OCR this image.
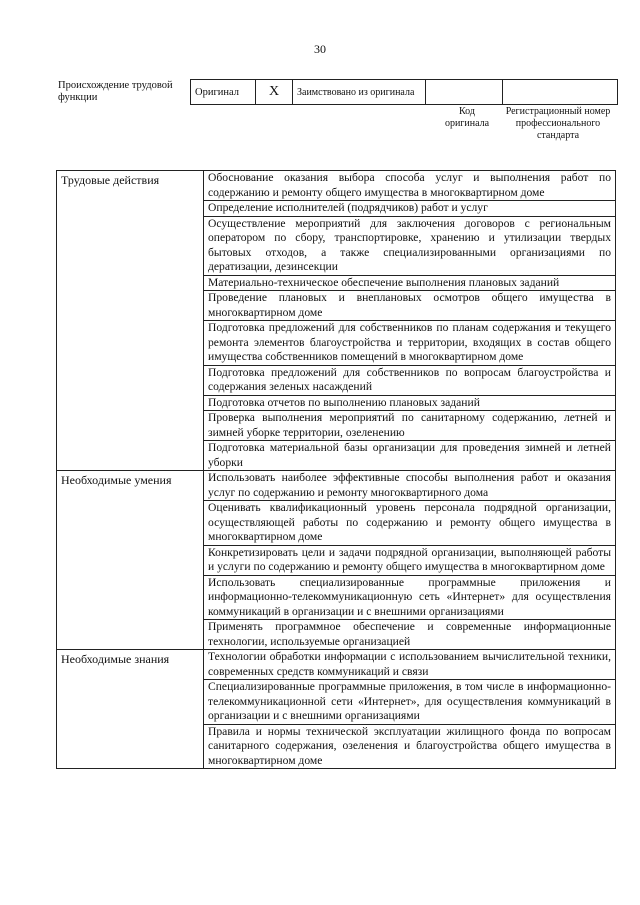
30
Происхождение трудовой функции	Оригинал	X	Заимствовано из оригинала		
Код оригинала
Регистрационный номер профессионального стандарта
Трудовые действия	Обоснование оказания выбора способа услуг и выполнения работ по содержанию и ремонту общего имущества в многоквартирном доме
	Определение исполнителей (подрядчиков) работ и услуг
	Осуществление мероприятий для заключения договоров с региональным оператором по сбору, транспортировке, хранению и утилизации твердых бытовых отходов, а также специализированными организациями по дератизации, дезинсекции
	Материально-техническое обеспечение выполнения плановых заданий
	Проведение плановых и внеплановых осмотров общего имущества в многоквартирном доме
	Подготовка предложений для собственников по планам содержания и текущего ремонта элементов благоустройства и территории, входящих в состав общего имущества собственников помещений в многоквартирном доме
	Подготовка предложений для собственников по вопросам благоустройства и содержания зеленых насаждений
	Подготовка отчетов по выполнению плановых заданий
	Проверка выполнения мероприятий по санитарному содержанию, летней и зимней уборке территории, озеленению
	Подготовка материальной базы организации для проведения зимней и летней уборки
Необходимые умения	Использовать наиболее эффективные способы выполнения работ и оказания услуг по содержанию и ремонту многоквартирного дома
	Оценивать квалификационный уровень персонала подрядной организации, осуществляющей работы по содержанию и ремонту общего имущества в многоквартирном доме
	Конкретизировать цели и задачи подрядной организации, выполняющей работы и услуги по содержанию и ремонту общего имущества в многоквартирном доме
	Использовать специализированные программные приложения и информационно-телекоммуникационную сеть «Интернет» для осуществления коммуникаций в организации и с внешними организациями
	Применять программное обеспечение и современные информационные технологии, используемые организацией
Необходимые знания	Технологии обработки информации с использованием вычислительной техники, современных средств коммуникаций и связи
	Специализированные программные приложения, в том числе в информационно-телекоммуникационной сети «Интернет», для осуществления коммуникаций в организации и с внешними организациями
	Правила и нормы технической эксплуатации жилищного фонда по вопросам санитарного содержания, озеленения и благоустройства общего имущества в многоквартирном доме
